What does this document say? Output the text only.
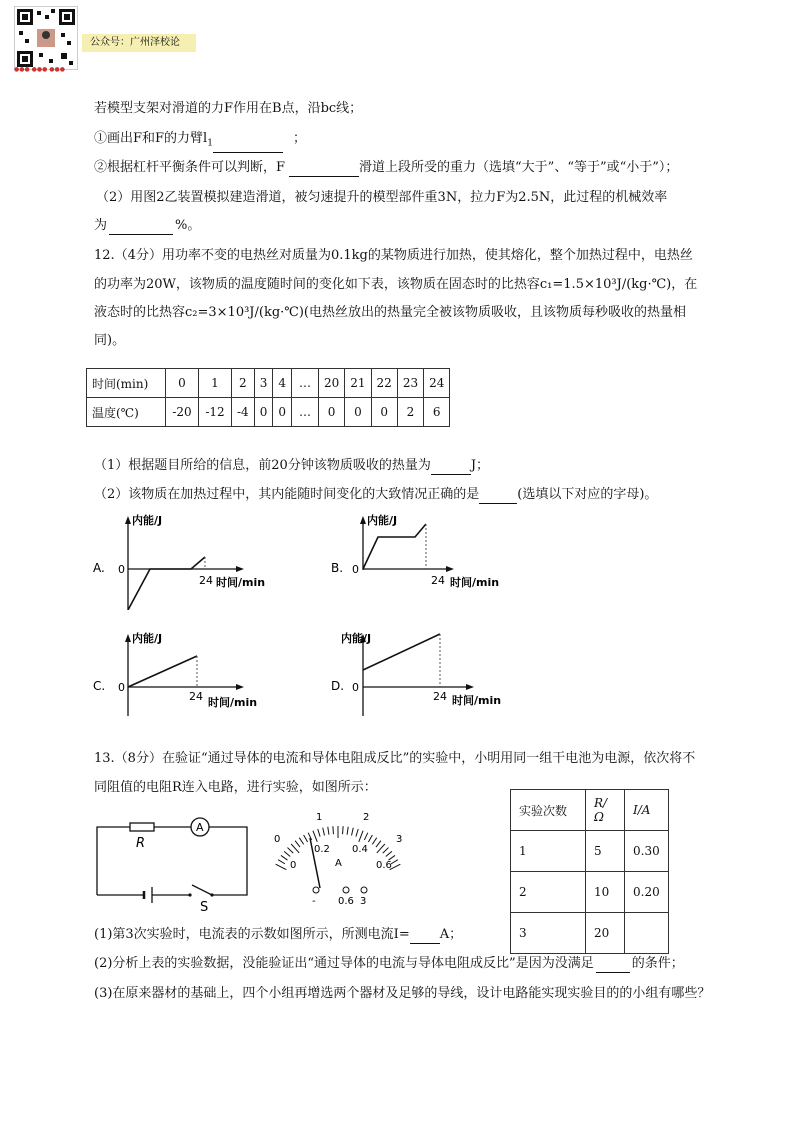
●●● ●●● ●●●
公众号：广州泽校论
若模型支架对滑道的力F作用在B点，沿bc线；
①画出F和F的力臂$l_1$	；
②根据杠杆平衡条件可以判断，F	滑道上段所受的重力（选填“大于”、“等于”或“小于”）；
（2）用图2乙装置模拟建造滑道，被匀速提升的模型部件重3N，拉力F为2.5N，此过程的机械效率
为	%。
12.（4分）用功率不变的电热丝对质量为0.1kg的某物质进行加热，使其熔化，整个加热过程中，电热丝
的功率为20W，该物质的温度随时间的变化如下表，该物质在固态时的比热容c₁=1.5×10³J/(kg·℃)，在
液态时的比热容c₂=3×10³J/(kg·℃)(电热丝放出的热量完全被该物质吸收，且该物质每秒吸收的热量相
同)。
时间(min)	0	1	2	3	4	…	20	21	22	23	24
温度(℃)	-20	-12	-4	0	0	…	0	0	0	2	6
（1）根据题目所给的信息，前20分钟该物质吸收的热量为	J；
（2）该物质在加热过程中，其内能随时间变化的大致情况正确的是	(选填以下对应的字母)。
A.
内能/J
0
24 时间/min
B.
内能/J
0
24 时间/min
C.
内能/J
0
24 时间/min
D.
内能/J
0
24 时间/min
13.（8分）在验证“通过导体的电流和导体电阻成反比”的实验中，小明用同一组干电池为电源，依次将不
同阻值的电阻R连入电路，进行实验，如图所示：
A
R
S
1	2
0	3
0.2 0.4
0	0.6
A
- 0.6 3
实验次数	R/Ω	I/A
1	5	0.30
2	10	0.20
3	20	
(1)第3次实验时，电流表的示数如图所示，所测电流I= A；
(2)分析上表的实验数据，没能验证出“通过导体的电流与导体电阻成反比”是因为没满足	的条件；
(3)在原来器材的基础上，四个小组再增选两个器材及足够的导线，设计电路能实现实验目的的小组有哪些？
